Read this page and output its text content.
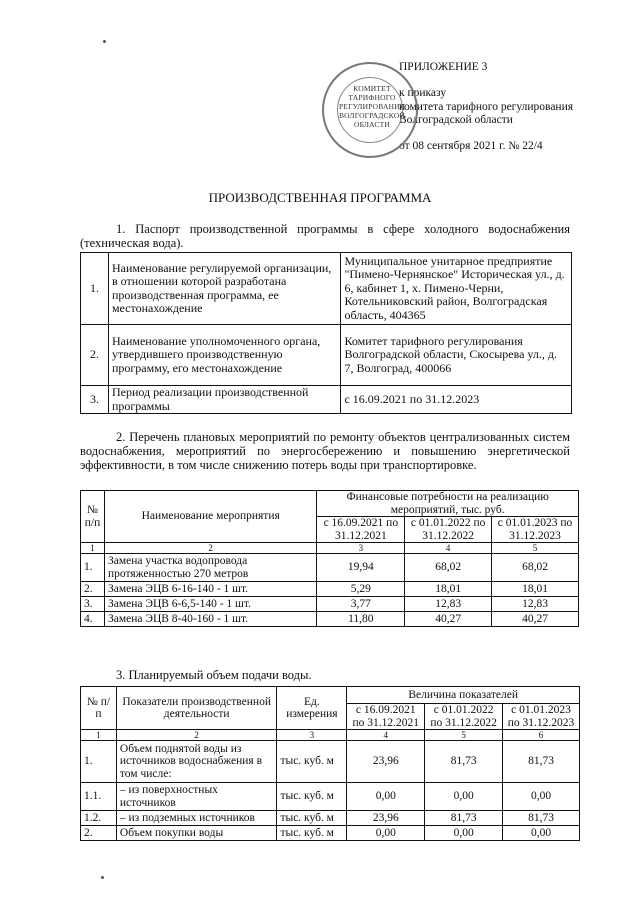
ПРИЛОЖЕНИЕ 3
к приказу
комитета тарифного регулирования
Волгоградской области
от 08 сентября 2021 г. № 22/4
КОМИТЕТ ТАРИФНОГО РЕГУЛИРОВАНИЯ ВОЛГОГРАДСКОЙ ОБЛАСТИ
ПРОИЗВОДСТВЕННАЯ ПРОГРАММА
1. Паспорт производственной программы в сфере холодного водоснабжения (техническая вода).
1.	Наименование регулируемой организации, в отношении которой разработана производственная программа, ее местонахождение	Муниципальное унитарное предприятие "Пимено-Чернянское" Историческая ул., д. 6, кабинет 1, х. Пимено-Черни, Котельниковский район, Волгоградская область, 404365
2.	Наименование уполномоченного органа, утвердившего производственную программу, его местонахождение	Комитет тарифного регулирования Волгоградской области, Скосырева ул., д. 7, Волгоград, 400066
3.	Период реализации производственной программы	с 16.09.2021 по 31.12.2023
2. Перечень плановых мероприятий по ремонту объектов централизованных систем водоснабжения, мероприятий по энергосбережению и повышению энергетической эффективности, в том числе снижению потерь воды при транспортировке.
№ п/п	Наименование мероприятия	Финансовые потребности на реализацию мероприятий, тыс. руб.		
		с 16.09.2021 по 31.12.2021	с 01.01.2022 по 31.12.2022	с 01.01.2023 по 31.12.2023
1	2	3	4	5
1.	Замена участка водопровода протяженностью 270 метров	19,94	68,02	68,02
2.	Замена ЭЦВ 6-16-140 - 1 шт.	5,29	18,01	18,01
3.	Замена ЭЦВ 6-6,5-140 - 1 шт.	3,77	12,83	12,83
4.	Замена ЭЦВ 8-40-160 - 1 шт.	11,80	40,27	40,27
3. Планируемый объем подачи воды.
№ п/п	Показатели производственной деятельности	Ед. измерения	Величина показателей		
			с 16.09.2021 по 31.12.2021	с 01.01.2022 по 31.12.2022	с 01.01.2023 по 31.12.2023
1	2	3	4	5	6
1.	Объем поднятой воды из источников водоснабжения в том числе:	тыс. куб. м	23,96	81,73	81,73
1.1.	– из поверхностных источников	тыс. куб. м	0,00	0,00	0,00
1.2.	– из подземных источников	тыс. куб. м	23,96	81,73	81,73
2.	Объем покупки воды	тыс. куб. м	0,00	0,00	0,00
